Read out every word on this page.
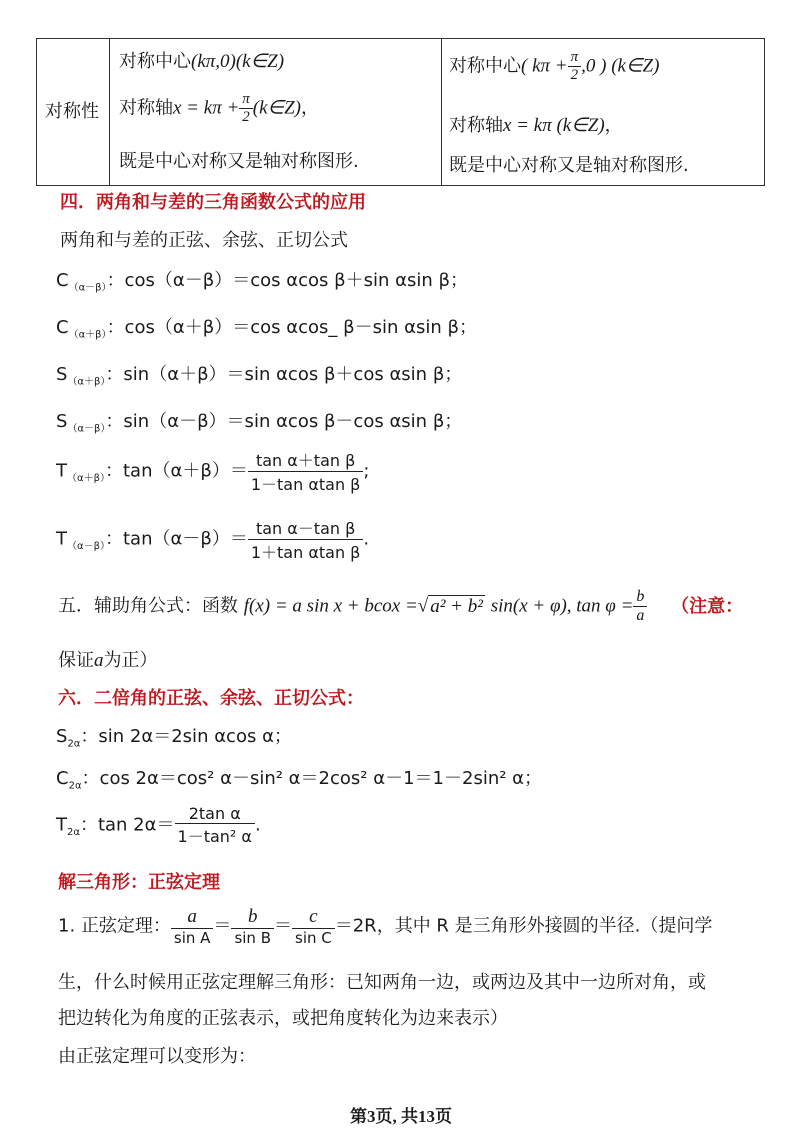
对称性
对称中心(kπ,0)(k∈Z)
对称轴$x = k\pi + \frac{\pi}{2}$ (k∈Z)，
既是中心对称又是轴对称图形.
对称中心( $k\pi + \frac{\pi}{2} ,0$ ) (k∈Z)
对称轴x = kπ (k∈Z)，
既是中心对称又是轴对称图形.
四．两角和与差的三角函数公式的应用
两角和与差的正弦、余弦、正切公式
$C_{(\alpha-\beta)}$：cos（α－β）＝cos αcos β＋sin αsin β；
$C_{(\alpha+\beta)}$：cos（α＋β）＝cos αcos_ β－sin αsin β；
$S_{(\alpha+\beta)}$：sin（α＋β）＝sin αcos β＋cos αsin β；
$S_{(\alpha-\beta)}$：sin（α－β）＝sin αcos β－cos αsin β；
$T_{(\alpha+\beta)}$：$\tan(\alpha+\beta)= \frac{\text{tan α＋tan β}}{\text{1－tan αtan β}}$ ;
$T_{(\alpha-\beta)}$：$\tan(\alpha-\beta)= \frac{\text{tan α－tan β}}{\text{1＋tan αtan β}}$ .
五．辅助角公式：函数 f(x) = a sin x + bcox =√ a² + b² sin(x + φ), $\tan \varphi = \frac{b}{a}$ （注意：
保证a为正）
六．二倍角的正弦、余弦、正切公式：
$S_{2\alpha}$：sin 2α＝2sin αcos α；
$C_{2\alpha}$：cos 2α＝cos² α－sin² α＝2cos² α－1＝1－2sin² α；
$T_{2\alpha}$：$\tan 2\alpha= \frac{\text{2tan α}}{\text{1－tan² α}}$ .
解三角形：正弦定理
1. 正弦定理： $\frac{a}{\text{sin A}} = \frac{b}{\text{sin B}} = \frac{c}{\text{sin C}} =2R$，其中 R 是三角形外接圆的半径.（提问学
生，什么时候用正弦定理解三角形：已知两角一边，或两边及其中一边所对角，或
把边转化为角度的正弦表示，或把角度转化为边来表示）
由正弦定理可以变形为：
第3页, 共13页
